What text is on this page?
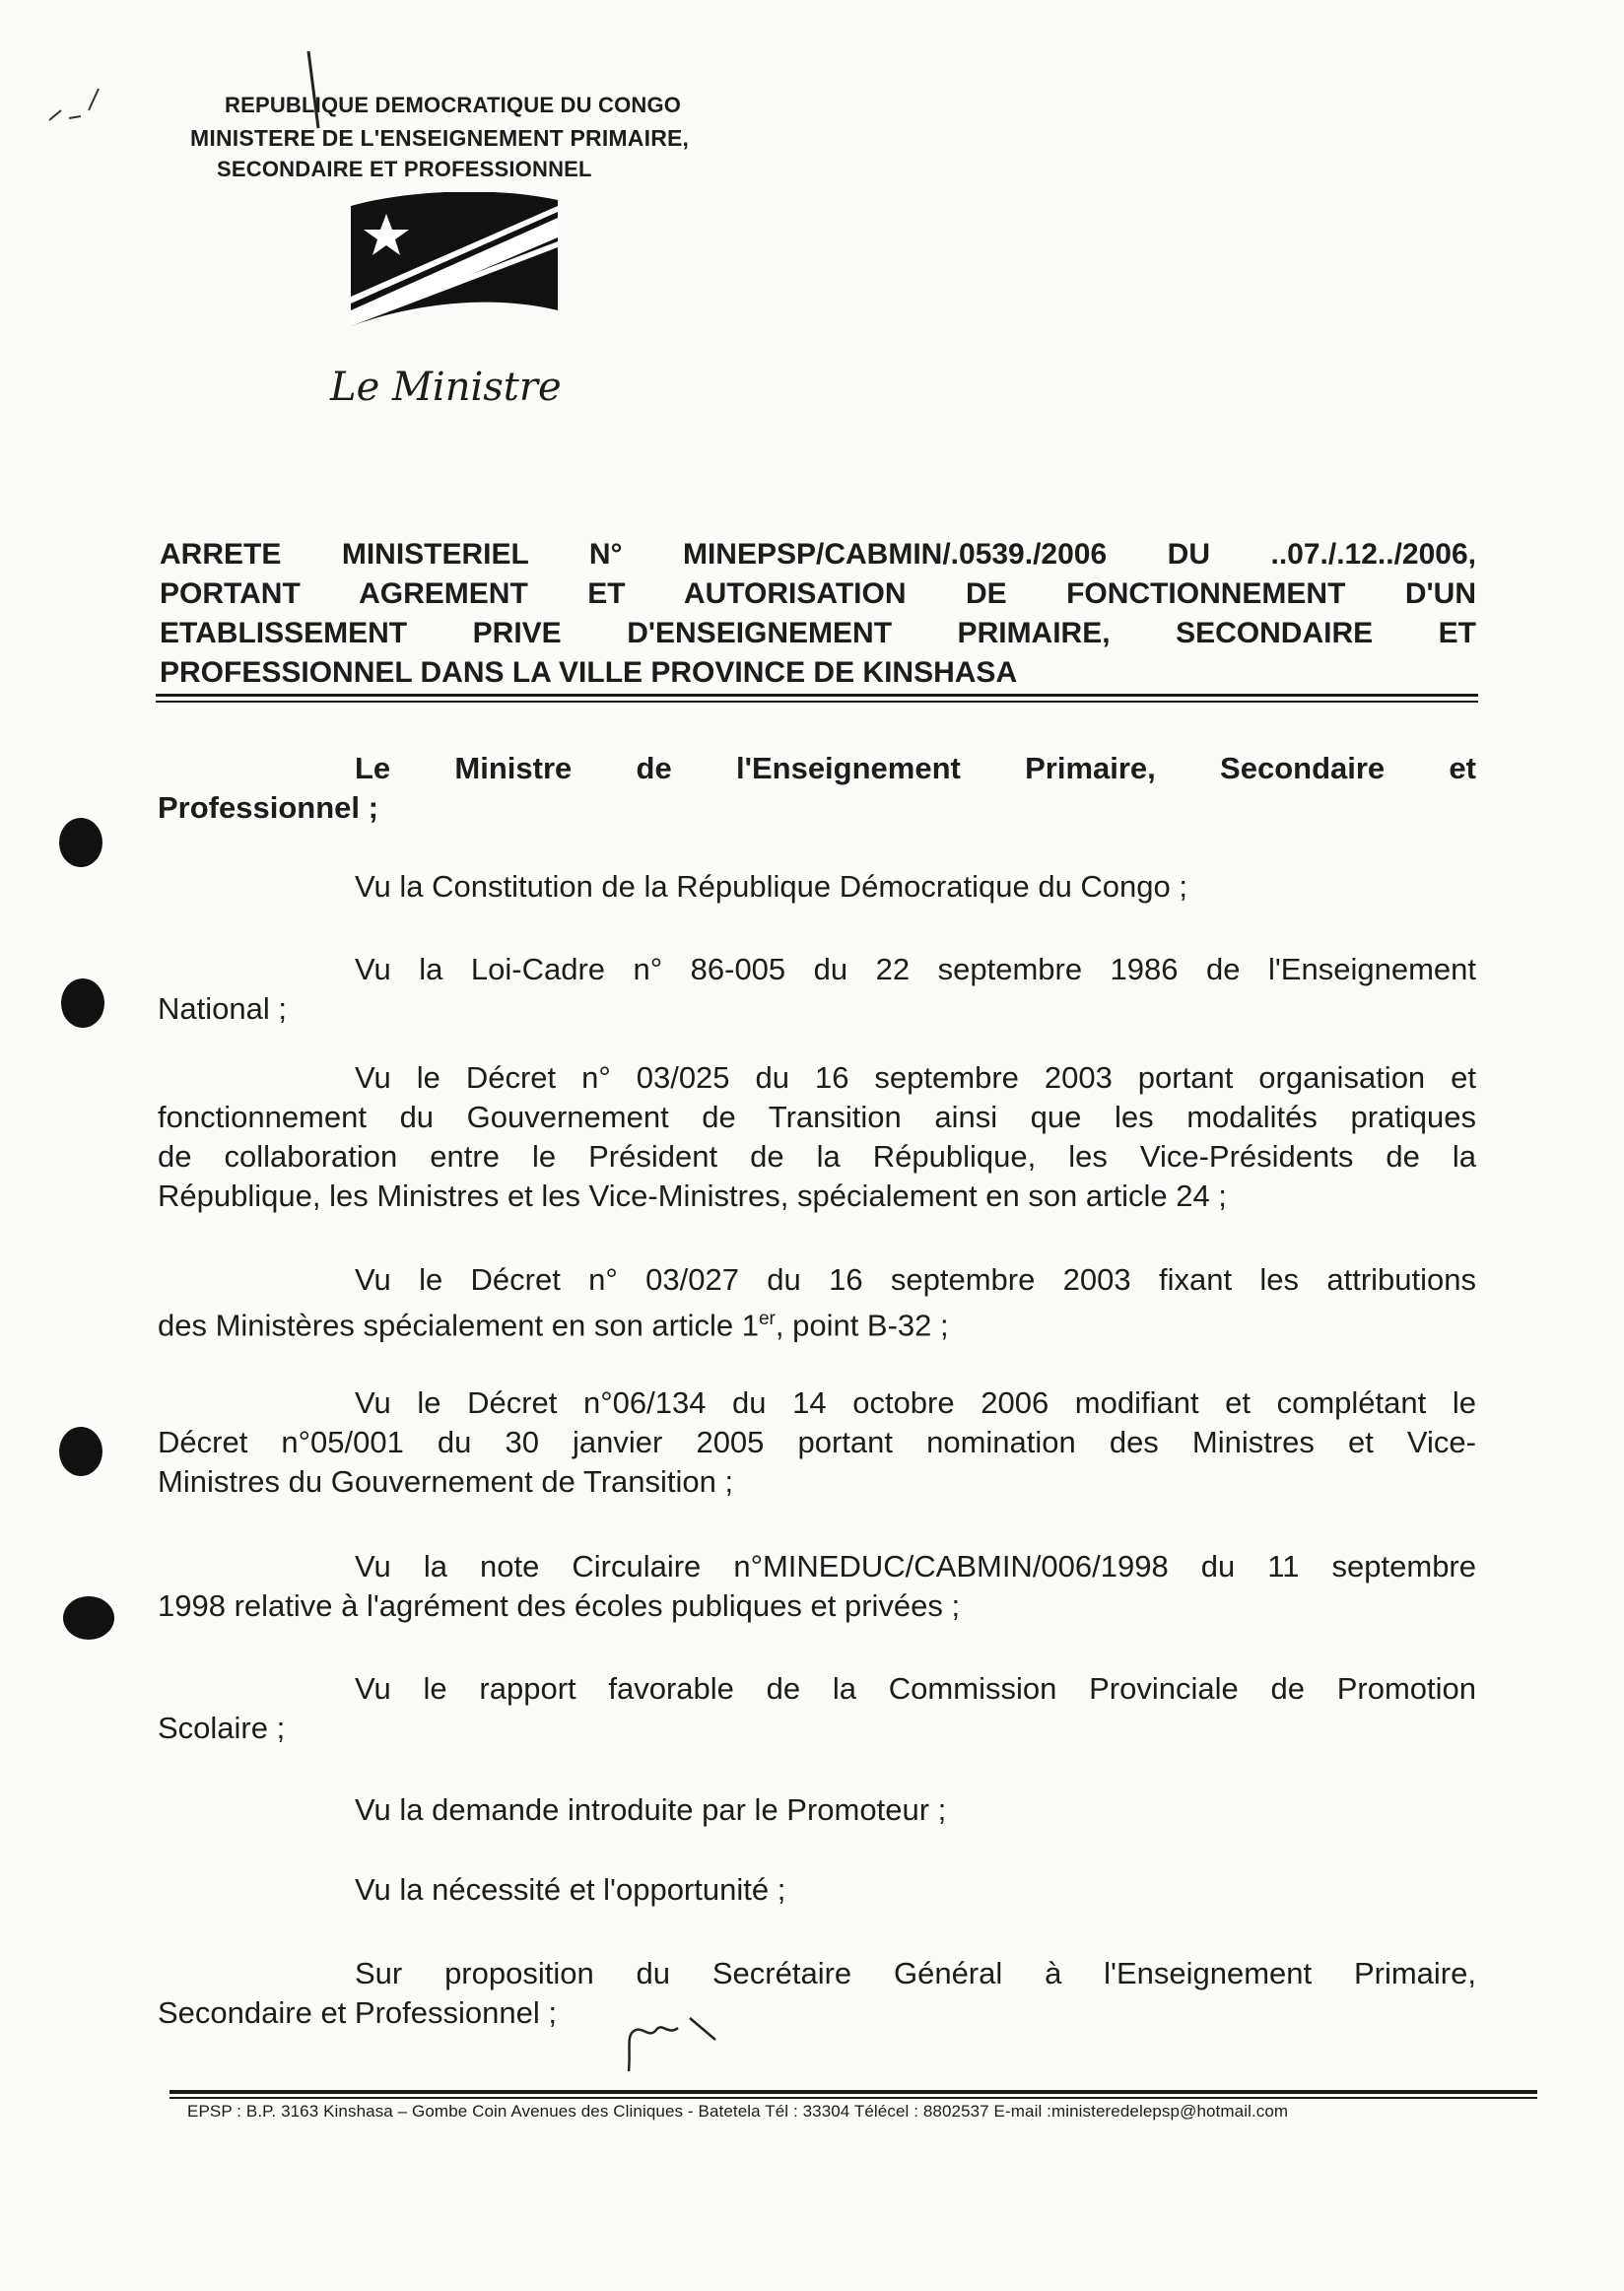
REPUBLIQUE DEMOCRATIQUE DU CONGO
MINISTERE DE L'ENSEIGNEMENT PRIMAIRE,
SECONDAIRE ET PROFESSIONNEL
Le Ministre
ARRETE MINISTERIEL N° MINEPSP/CABMIN/.0539./2006 DU ..07./.12../2006,
PORTANT AGREMENT ET AUTORISATION DE FONCTIONNEMENT D'UN
ETABLISSEMENT PRIVE D'ENSEIGNEMENT PRIMAIRE, SECONDAIRE ET
PROFESSIONNEL DANS LA VILLE PROVINCE DE KINSHASA
Le Ministre de l'Enseignement Primaire, Secondaire et
Professionnel ;
Vu la Constitution de la République Démocratique du Congo ;
Vu la Loi-Cadre n° 86-005 du 22 septembre 1986 de l'Enseignement
National ;
Vu le Décret n° 03/025 du 16 septembre 2003 portant organisation et
fonctionnement du Gouvernement de Transition ainsi que les modalités pratiques
de collaboration entre le Président de la République, les Vice-Présidents de la
République, les Ministres et les Vice-Ministres, spécialement en son article 24 ;
Vu le Décret n° 03/027 du 16 septembre 2003 fixant les attributions
des Ministères spécialement en son article 1er, point B-32 ;
Vu le Décret n°06/134 du 14 octobre 2006 modifiant et complétant le
Décret n°05/001 du 30 janvier 2005 portant nomination des Ministres et Vice-
Ministres du Gouvernement de Transition ;
Vu la note Circulaire n°MINEDUC/CABMIN/006/1998 du 11 septembre
1998 relative à l'agrément des écoles publiques et privées ;
Vu le rapport favorable de la Commission Provinciale de Promotion
Scolaire ;
Vu la demande introduite par le Promoteur ;
Vu la nécessité et l'opportunité ;
Sur proposition du Secrétaire Général à l'Enseignement Primaire,
Secondaire et Professionnel ;
EPSP : B.P. 3163 Kinshasa – Gombe Coin Avenues des Cliniques - Batetela Tél : 33304 Télécel : 8802537 E-mail :ministeredelepsp@hotmail.com
